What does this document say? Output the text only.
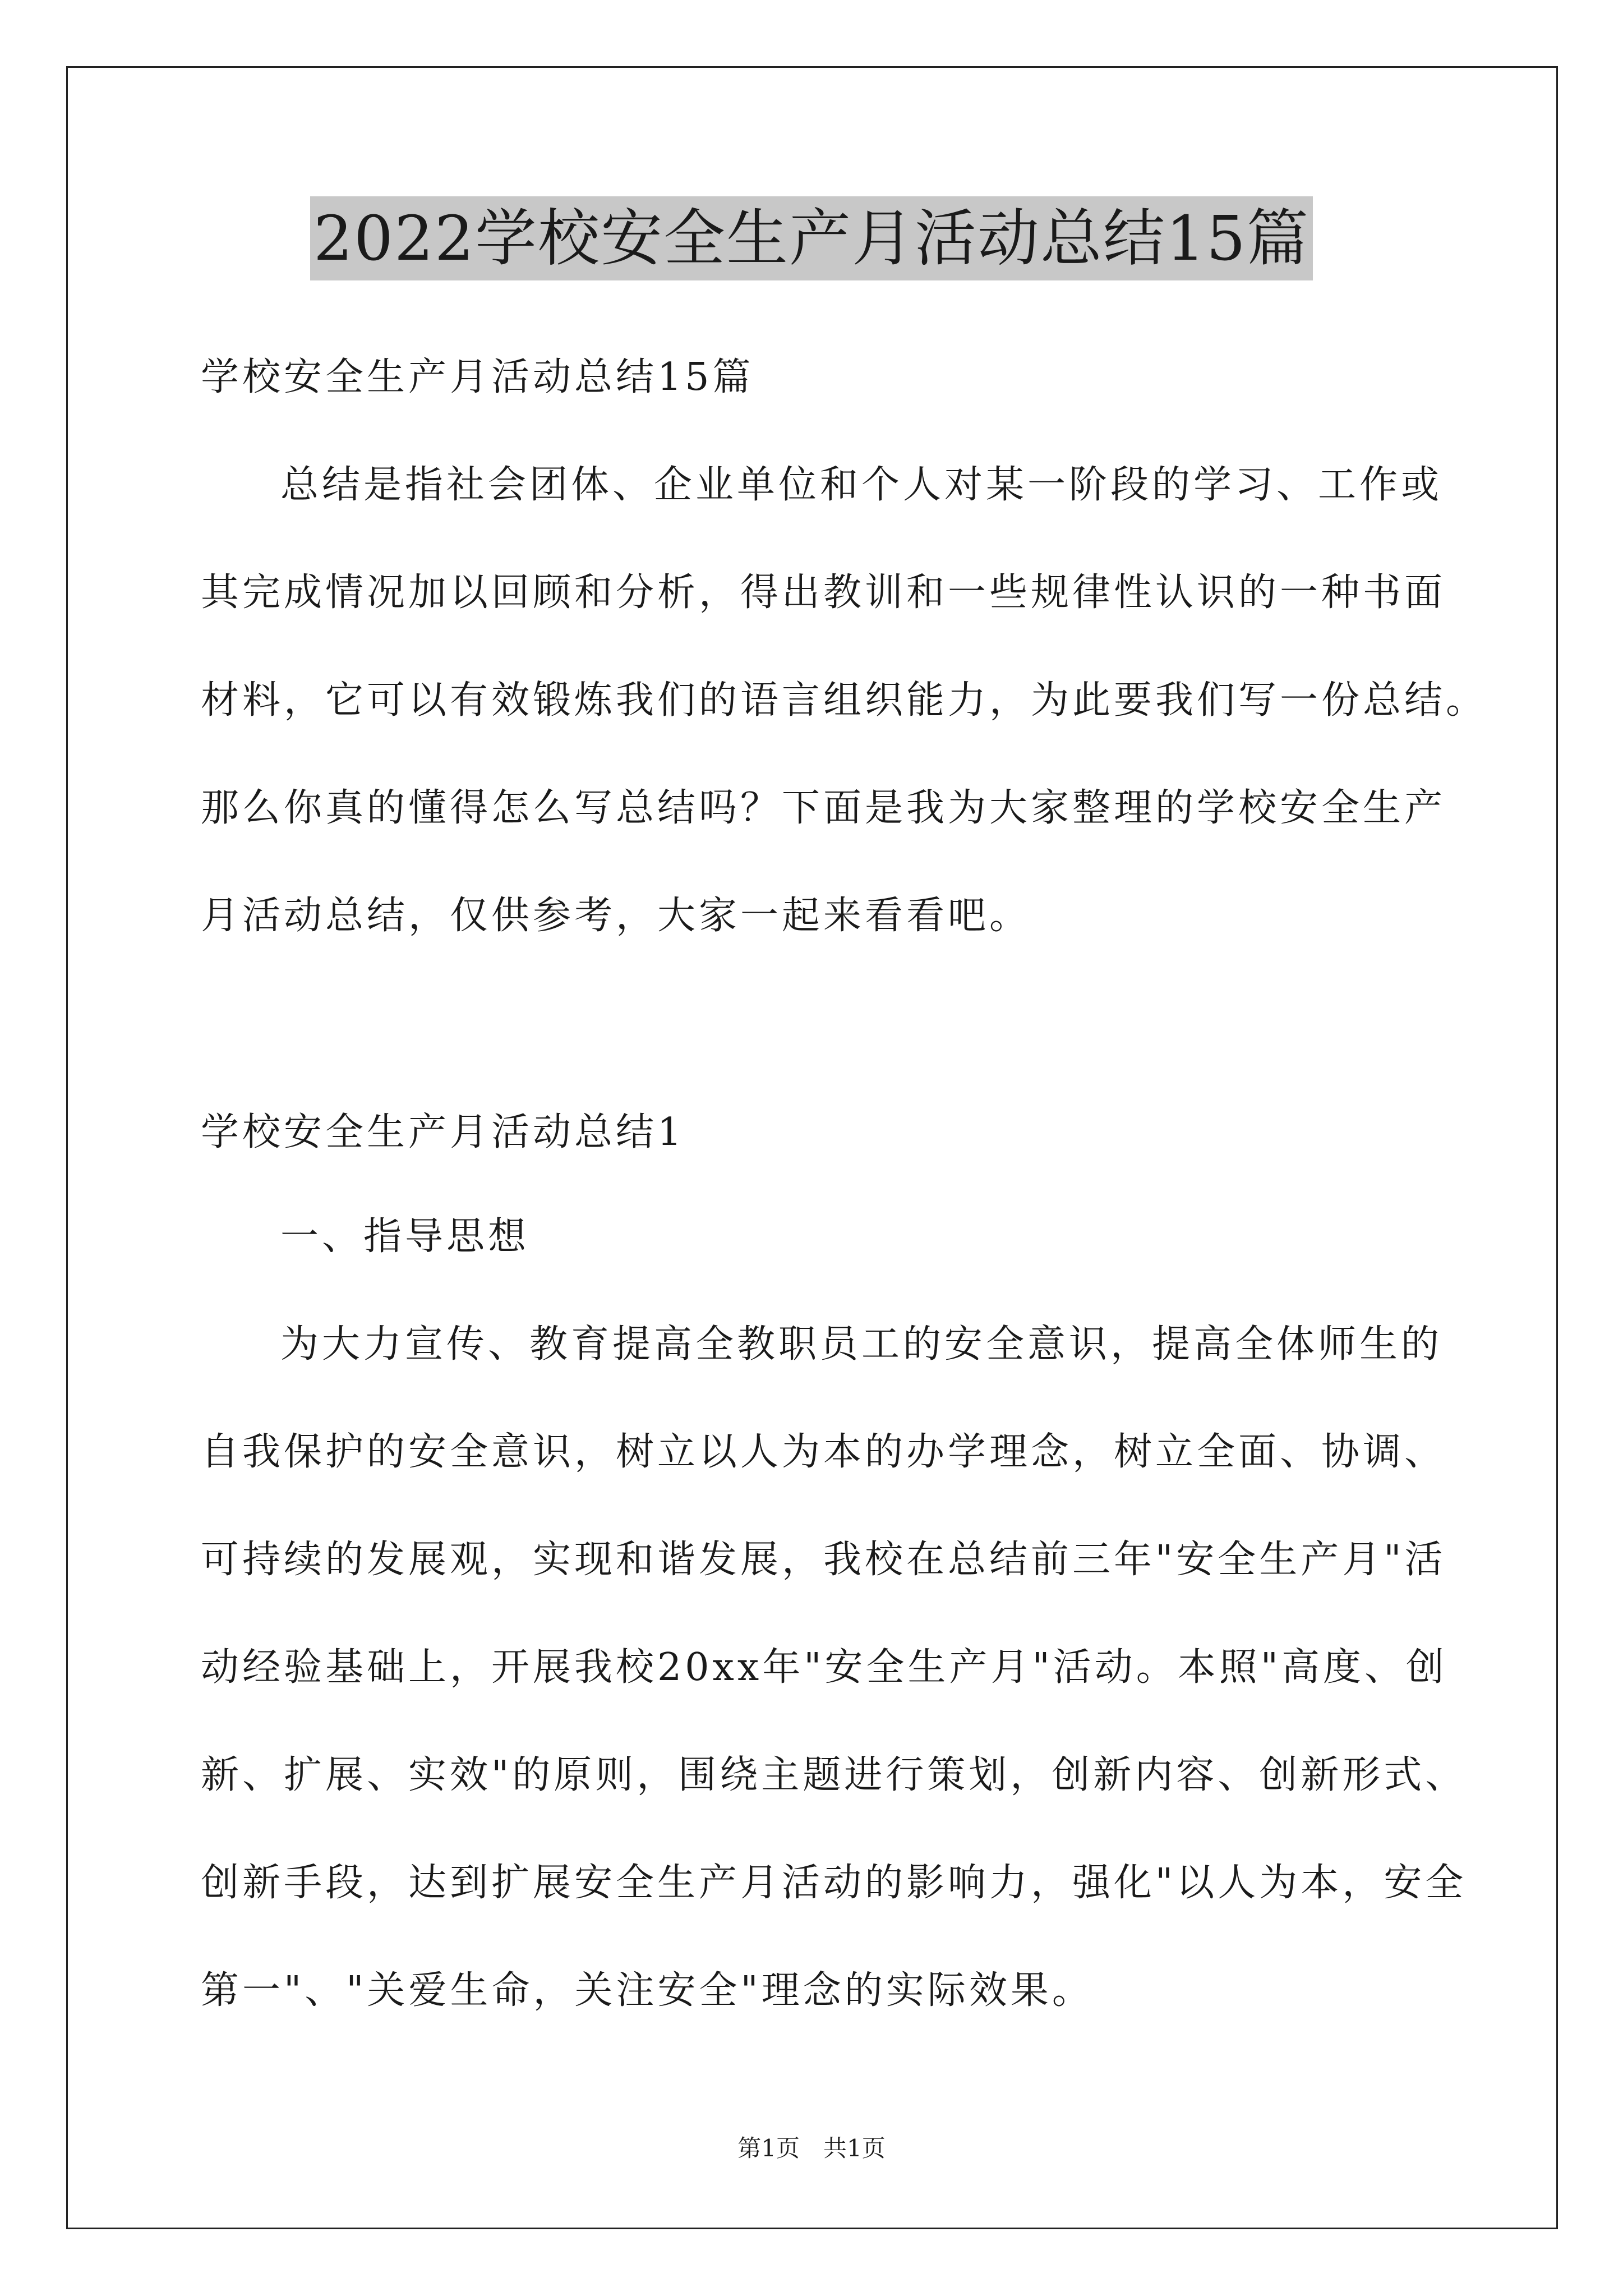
2022学校安全生产月活动总结15篇
学校安全生产月活动总结15篇
总结是指社会团体、企业单位和个人对某一阶段的学习、工作或
其完成情况加以回顾和分析，得出教训和一些规律性认识的一种书面
材料，它可以有效锻炼我们的语言组织能力，为此要我们写一份总结。
那么你真的懂得怎么写总结吗？下面是我为大家整理的学校安全生产
月活动总结，仅供参考，大家一起来看看吧。
学校安全生产月活动总结1
一、指导思想
为大力宣传、教育提高全教职员工的安全意识，提高全体师生的
自我保护的安全意识，树立以人为本的办学理念，树立全面、协调、
可持续的发展观，实现和谐发展，我校在总结前三年"安全生产月"活
动经验基础上，开展我校20xx年"安全生产月"活动。本照"高度、创
新、扩展、实效"的原则，围绕主题进行策划，创新内容、创新形式、
创新手段，达到扩展安全生产月活动的影响力，强化"以人为本，安全
第一"、"关爱生命，关注安全"理念的实际效果。
第1页　共1页
